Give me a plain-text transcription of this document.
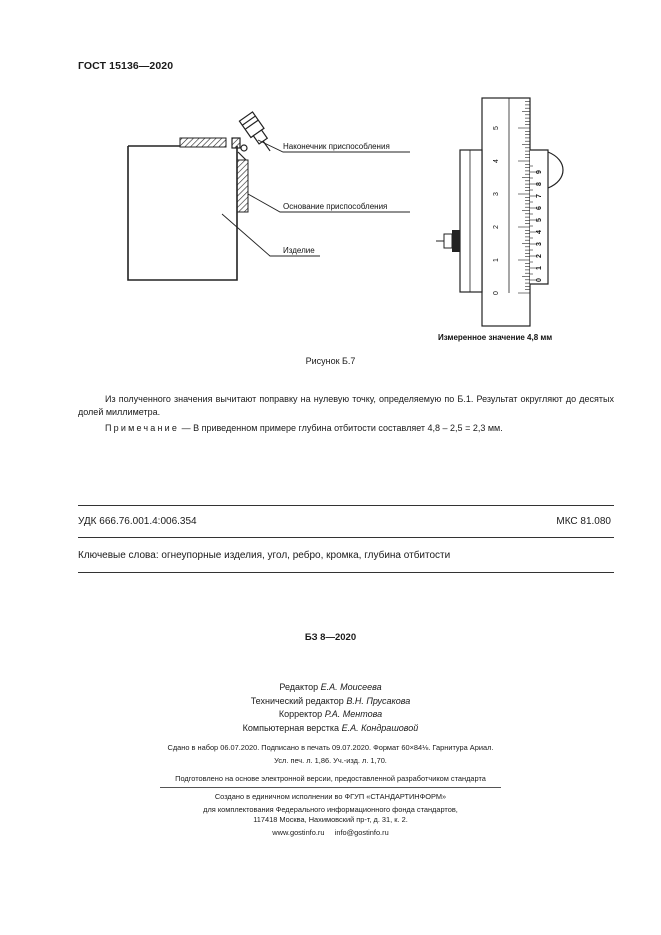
ГОСТ 15136—2020
Наконечник приспособления
Основание приспособления
Изделие
0
1
2
3
4
5
0
1
2
3
4
5
6
7
8
9
Измеренное значение 4,8 мм
Рисунок Б.7
Из полученного значения вычитают поправку на нулевую точку, определяемую по Б.1. Результат округляют до десятых долей миллиметра.
Примечание — В приведенном примере глубина отбитости составляет 4,8 – 2,5 = 2,3 мм.
УДК 666.76.001.4:006.354	МКС 81.080
Ключевые слова: огнеупорные изделия, угол, ребро, кромка, глубина отбитости
БЗ 8—2020
Редактор Е.А. Моисеева
Технический редактор В.Н. Прусакова
Корректор Р.А. Ментова
Компьютерная верстка Е.А. Кондрашовой
Сдано в набор 06.07.2020. Подписано в печать 09.07.2020. Формат 60×84⅛. Гарнитура Ариал.
Усл. печ. л. 1,86. Уч.-изд. л. 1,70.
Подготовлено на основе электронной версии, предоставленной разработчиком стандарта
Создано в единичном исполнении во ФГУП «СТАНДАРТИНФОРМ»
для комплектования Федерального информационного фонда стандартов,
117418 Москва, Нахимовский пр-т, д. 31, к. 2.
www.gostinfo.ru info@gostinfo.ru
